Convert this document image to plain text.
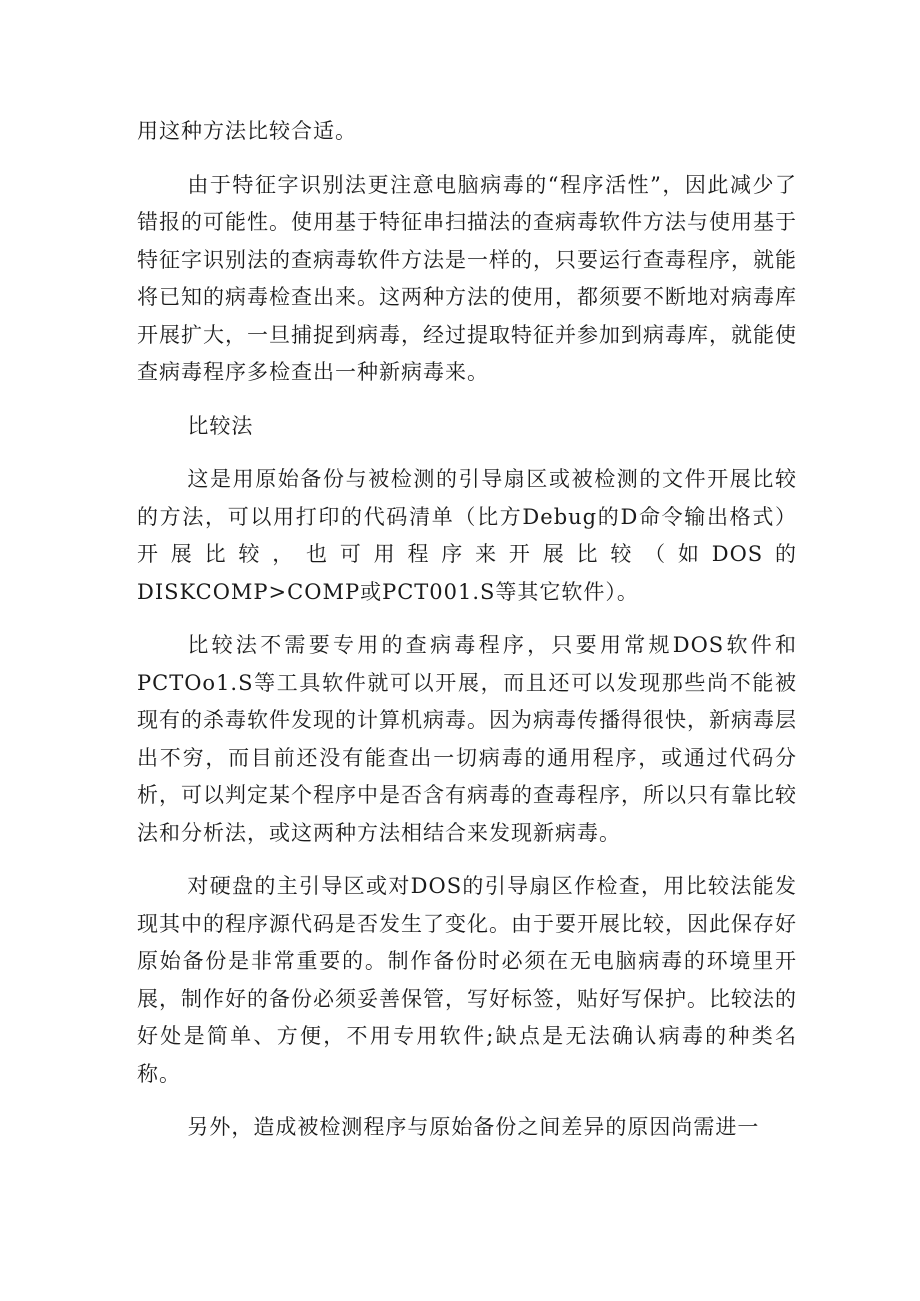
用这种方法比较合适。

由于特征字识别法更注意电脑病毒的“程序活性”，因此减少了错报的可能性。使用基于特征串扫描法的查病毒软件方法与使用基于特征字识别法的查病毒软件方法是一样的，只要运行查毒程序，就能将已知的病毒检查出来。这两种方法的使用，都须要不断地对病毒库开展扩大，一旦捕捉到病毒，经过提取特征并参加到病毒库，就能使查病毒程序多检查出一种新病毒来。

比较法

这是用原始备份与被检测的引导扇区或被检测的文件开展比较的方法，可以用打印的代码清单（比方Debug的D命令输出格式）开展比较，也可用程序来开展比较（如DOS的DISKCOMP>COMP或PCT001.S等其它软件）。

比较法不需要专用的查病毒程序，只要用常规DOS软件和PCTOo1.S等工具软件就可以开展，而且还可以发现那些尚不能被现有的杀毒软件发现的计算机病毒。因为病毒传播得很快，新病毒层出不穷，而目前还没有能查出一切病毒的通用程序，或通过代码分析，可以判定某个程序中是否含有病毒的查毒程序，所以只有靠比较法和分析法，或这两种方法相结合来发现新病毒。

对硬盘的主引导区或对DOS的引导扇区作检查，用比较法能发现其中的程序源代码是否发生了变化。由于要开展比较，因此保存好原始备份是非常重要的。制作备份时必须在无电脑病毒的环境里开展，制作好的备份必须妥善保管，写好标签，贴好写保护。比较法的好处是简单、方便，不用专用软件;缺点是无法确认病毒的种类名称。

另外，造成被检测程序与原始备份之间差异的原因尚需进一
